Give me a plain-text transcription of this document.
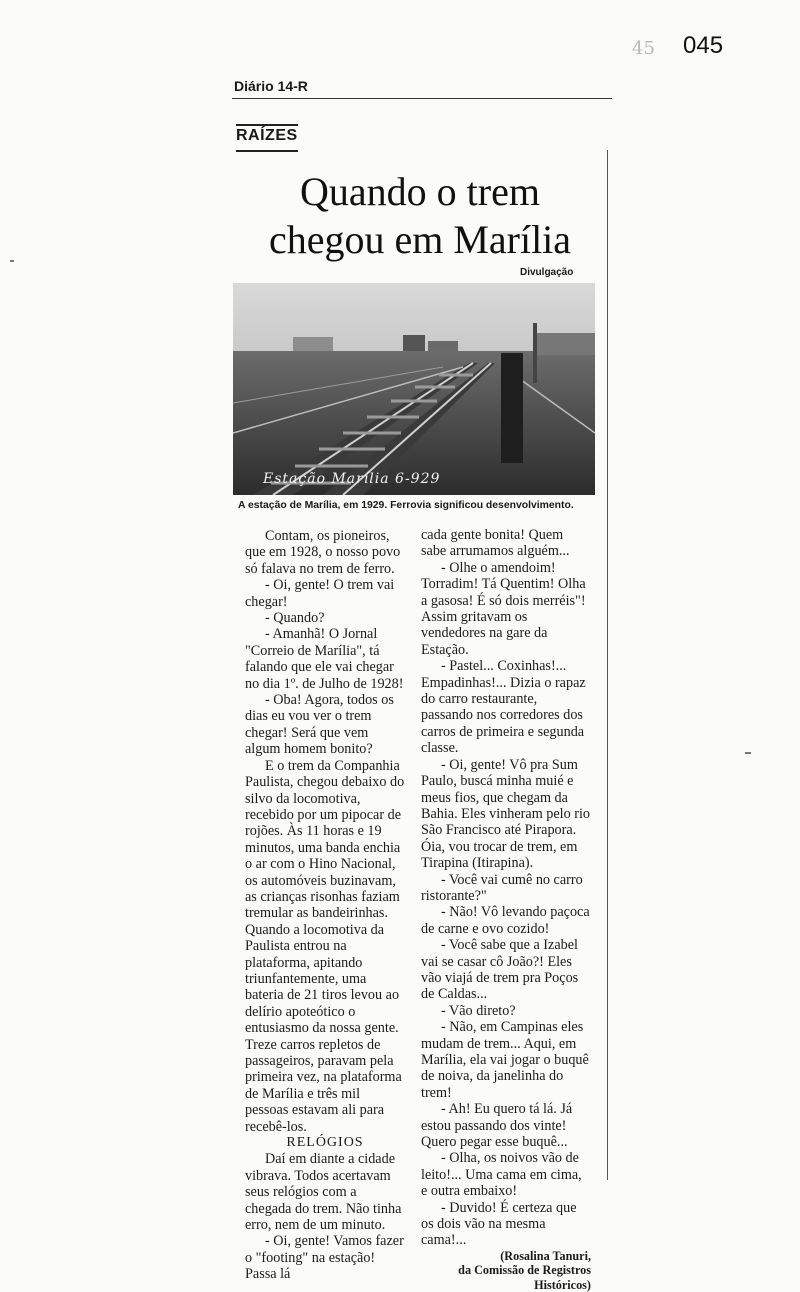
045
45
Diário 14-R
RAÍZES
Quando o trem
chegou em Marília
Divulgação
Estação Marília 6-929
A estação de Marília, em 1929. Ferrovia significou desenvolvimento.

Contam, os pioneiros, que em 1928, o nosso povo só falava no trem de ferro.

- Oi, gente! O trem vai chegar!

- Quando?

- Amanhã! O Jornal "Correio de Marília", tá falando que ele vai chegar no dia 1º. de Julho de 1928!

- Oba! Agora, todos os dias eu vou ver o trem chegar! Será que vem algum homem bonito?

E o trem da Companhia Paulista, chegou debaixo do silvo da locomotiva, recebido por um pipocar de rojões. Às 11 horas e 19 minutos, uma banda enchia o ar com o Hino Nacional, os automóveis buzinavam, as crianças risonhas faziam tremular as bandeirinhas. Quando a locomotiva da Paulista entrou na plataforma, apitando triunfantemente, uma bateria de 21 tiros levou ao delírio apoteótico o entusiasmo da nossa gente. Treze carros repletos de passageiros, paravam pela primeira vez, na plataforma de Marília e três mil pessoas estavam ali para recebê-los.

RELÓGIOS

Daí em diante a cidade vibrava. Todos acertavam seus relógios com a chegada do trem. Não tinha erro, nem de um minuto.

- Oi, gente! Vamos fazer o "footing" na estação! Passa lá

cada gente bonita! Quem sabe arrumamos alguém...

- Olhe o amendoim! Torradim! Tá Quentim! Olha a gasosa! É só dois merréis"! Assim gritavam os vendedores na gare da Estação.

- Pastel... Coxinhas!... Empadinhas!... Dizia o rapaz do carro restaurante, passando nos corredores dos carros de primeira e segunda classe.

- Oi, gente! Vô pra Sum Paulo, buscá minha muié e meus fios, que chegam da Bahia. Eles vinheram pelo rio São Francisco até Pirapora. Óia, vou trocar de trem, em Tirapina (Itirapina).

- Você vai cumê no carro ristorante?"

- Não! Vô levando paçoca de carne e ovo cozido!

- Você sabe que a Izabel vai se casar cô João?! Eles vão viajá de trem pra Poços de Caldas...

- Vão direto?

- Não, em Campinas eles mudam de trem... Aqui, em Marília, ela vai jogar o buquê de noiva, da janelinha do trem!

- Ah! Eu quero tá lá. Já estou passando dos vinte! Quero pegar esse buquê...

- Olha, os noivos vão de leito!... Uma cama em cima, e outra embaixo!

- Duvido! É certeza que os dois vão na mesma cama!...

(Rosalina Tanuri,
da Comissão de Registros
Históricos)
